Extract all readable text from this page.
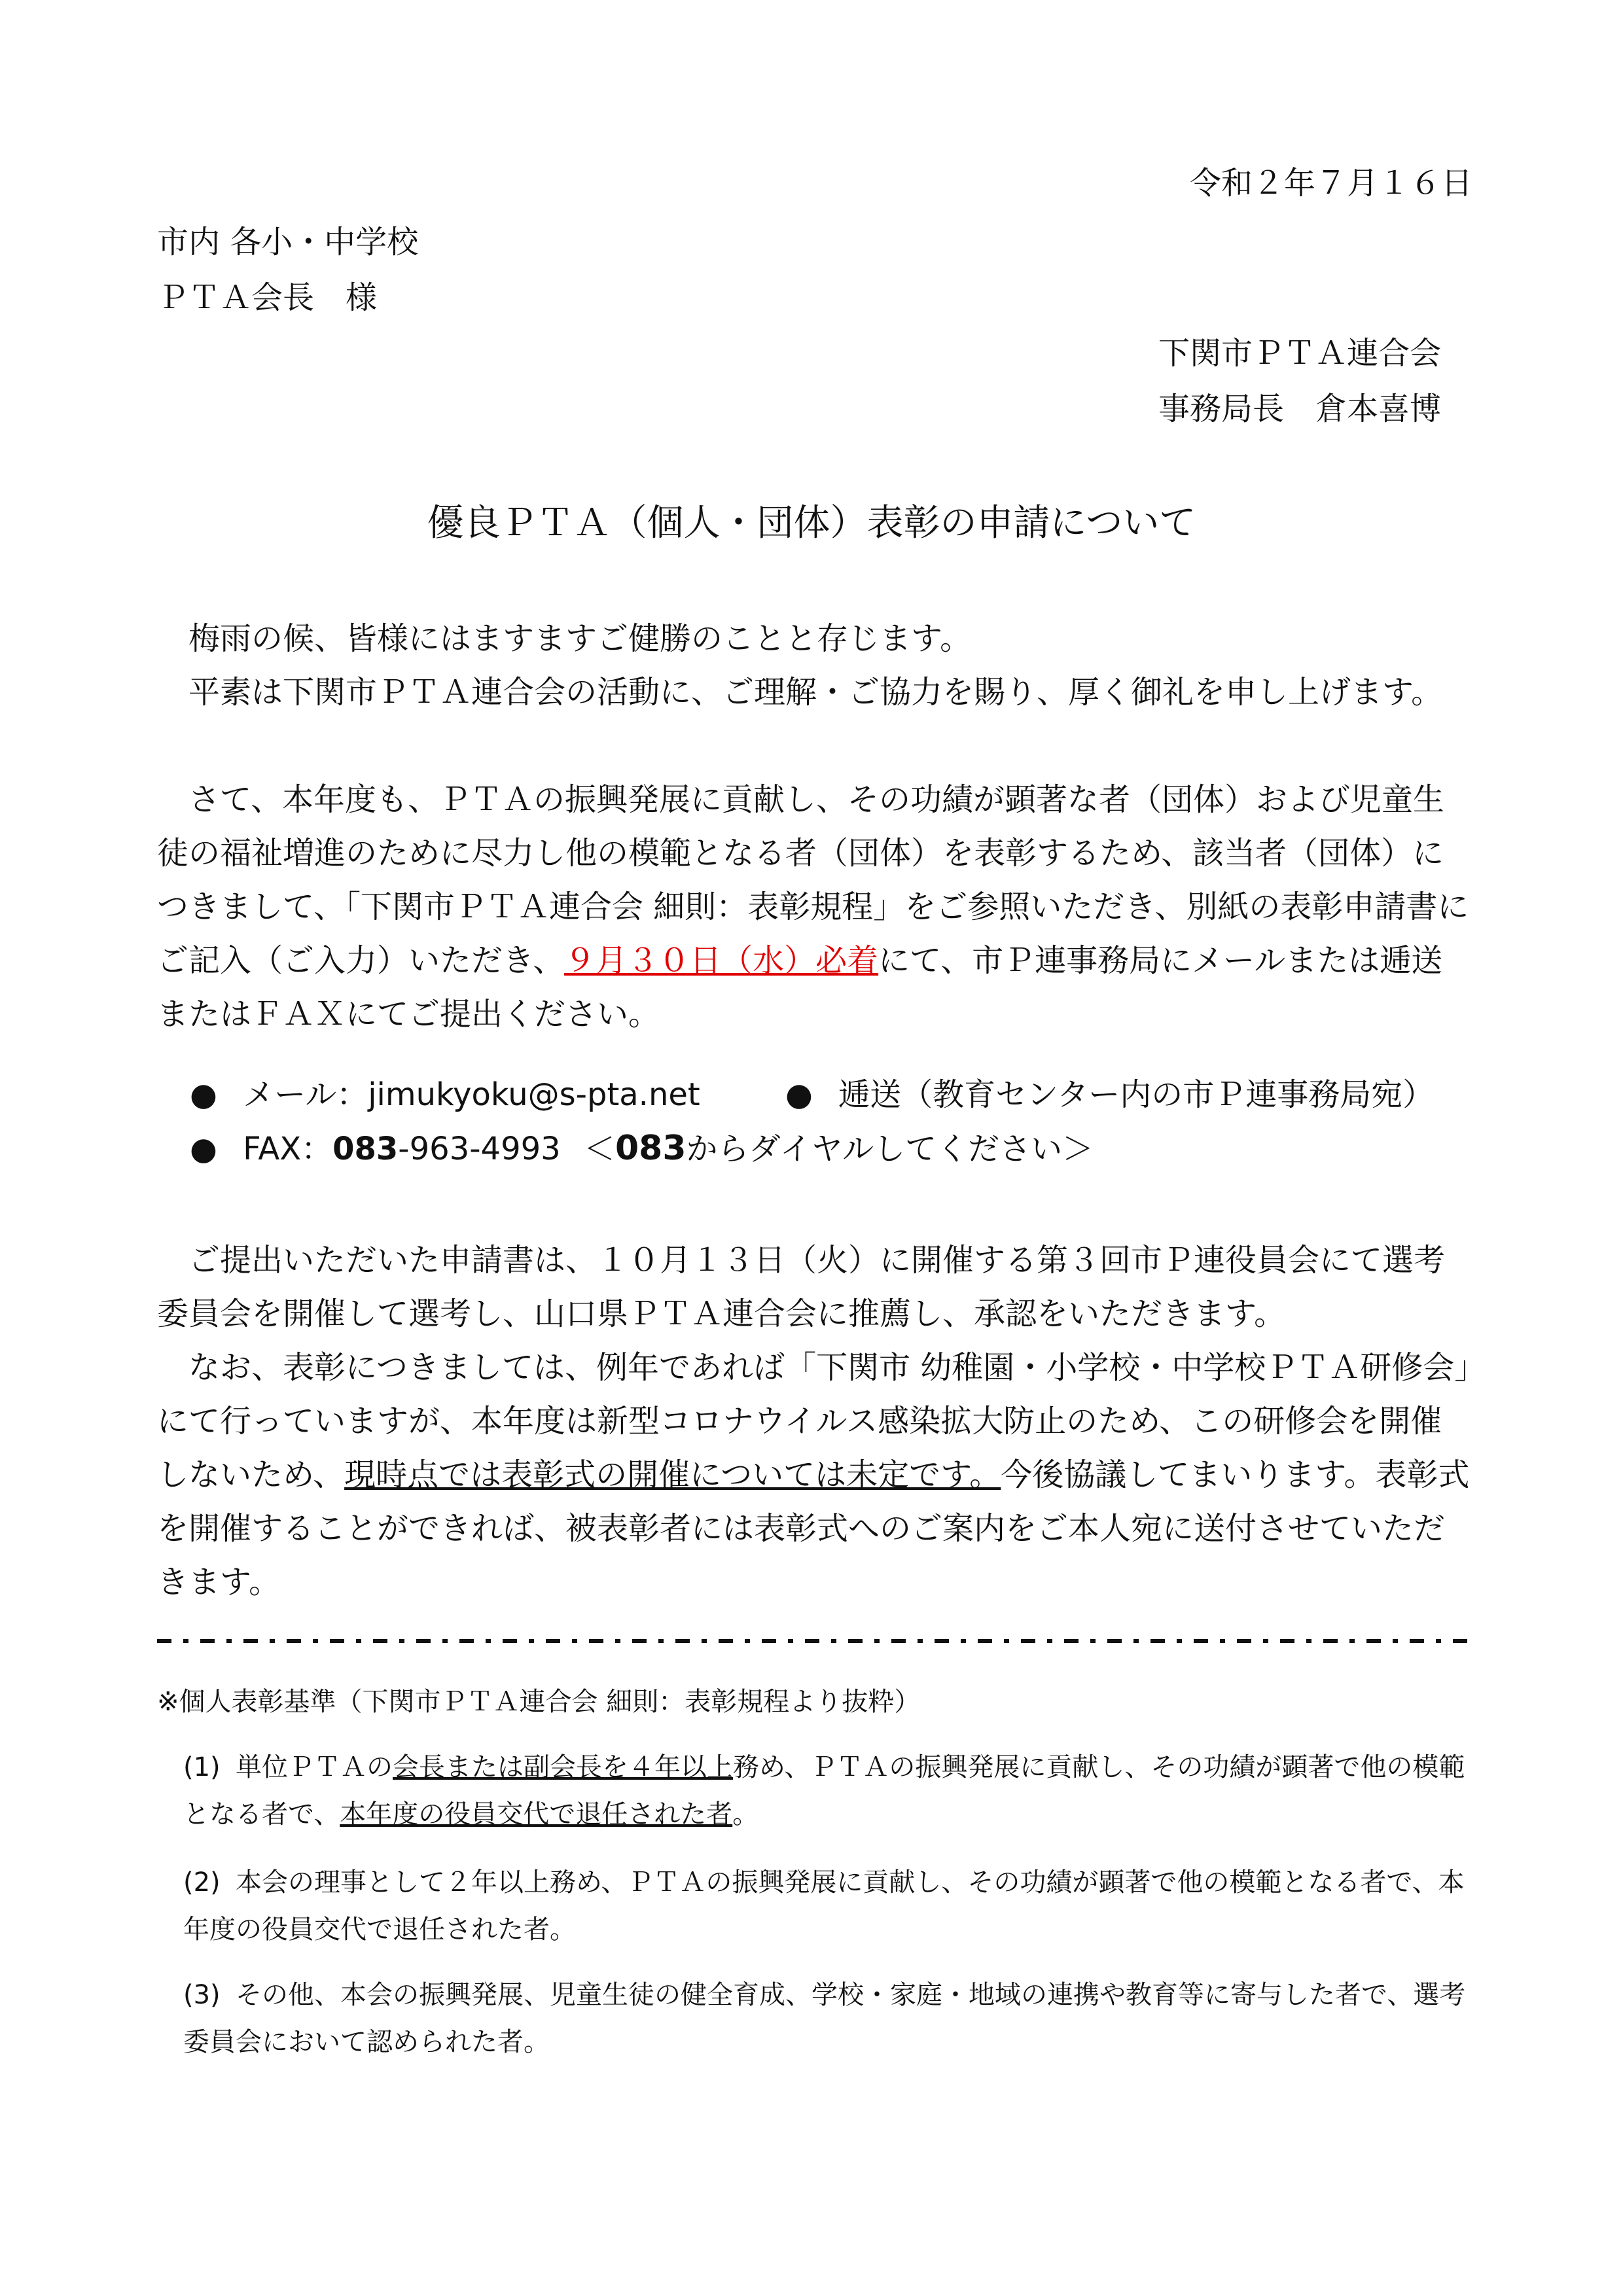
令和２年７月１６日
市内 各小・中学校
ＰＴＡ会長　様
下関市ＰＴＡ連合会
事務局長　倉本喜博
優良ＰＴＡ（個人・団体）表彰の申請について
梅雨の候、皆様にはますますご健勝のことと存じます。
平素は下関市ＰＴＡ連合会の活動に、ご理解・ご協力を賜り、厚く御礼を申し上げます。
さて、本年度も、ＰＴＡの振興発展に貢献し、その功績が顕著な者（団体）および児童生徒の福祉増進のために尽力し他の模範となる者（団体）を表彰するため、該当者（団体）につきまして、「下関市ＰＴＡ連合会 細則：表彰規程」をご参照いただき、別紙の表彰申請書にご記入（ご入力）いただき、９月３０日（水）必着にて、市Ｐ連事務局にメールまたは逓送またはＦＡＸにてご提出ください。
● メール：jimukyoku@s-pta.net	● 逓送（教育センター内の市Ｐ連事務局宛）
● FAX：083-963-4993 ＜083からダイヤルしてください＞
ご提出いただいた申請書は、１０月１３日（火）に開催する第３回市Ｐ連役員会にて選考委員会を開催して選考し、山口県ＰＴＡ連合会に推薦し、承認をいただきます。
なお、表彰につきましては、例年であれば「下関市 幼稚園・小学校・中学校ＰＴＡ研修会」にて行っていますが、本年度は新型コロナウイルス感染拡大防止のため、この研修会を開催しないため、現時点では表彰式の開催については未定です。今後協議してまいります。表彰式を開催することができれば、被表彰者には表彰式へのご案内をご本人宛に送付させていただきます。
※個人表彰基準（下関市ＰＴＡ連合会 細則：表彰規程より抜粋）
(1) 単位ＰＴＡの会長または副会長を４年以上務め、ＰＴＡの振興発展に貢献し、その功績が顕著で他の模範となる者で、本年度の役員交代で退任された者。
(2) 本会の理事として２年以上務め、ＰＴＡの振興発展に貢献し、その功績が顕著で他の模範となる者で、本年度の役員交代で退任された者。
(3) その他、本会の振興発展、児童生徒の健全育成、学校・家庭・地域の連携や教育等に寄与した者で、選考委員会において認められた者。
